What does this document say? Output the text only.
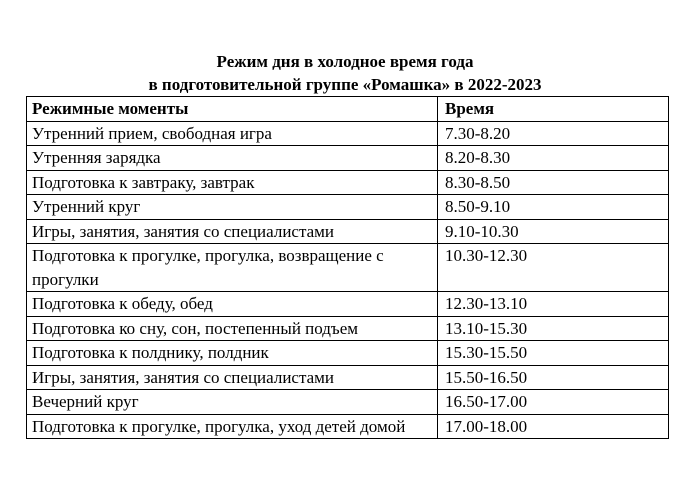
Режим дня в холодное время года
в подготовительной группе «Ромашка» в 2022-2023
Режимные моменты	Время
Утренний прием, свободная игра	7.30-8.20
Утренняя зарядка	8.20-8.30
Подготовка к завтраку, завтрак	8.30-8.50
Утренний круг	8.50-9.10
Игры, занятия, занятия со специалистами	9.10-10.30
Подготовка к прогулке, прогулка, возвращение с прогулки	10.30-12.30
Подготовка к обеду, обед	12.30-13.10
Подготовка ко сну, сон, постепенный подъем	13.10-15.30
Подготовка к полднику, полдник	15.30-15.50
Игры, занятия, занятия со специалистами	15.50-16.50
Вечерний круг	16.50-17.00
Подготовка к прогулке, прогулка, уход детей домой	17.00-18.00
